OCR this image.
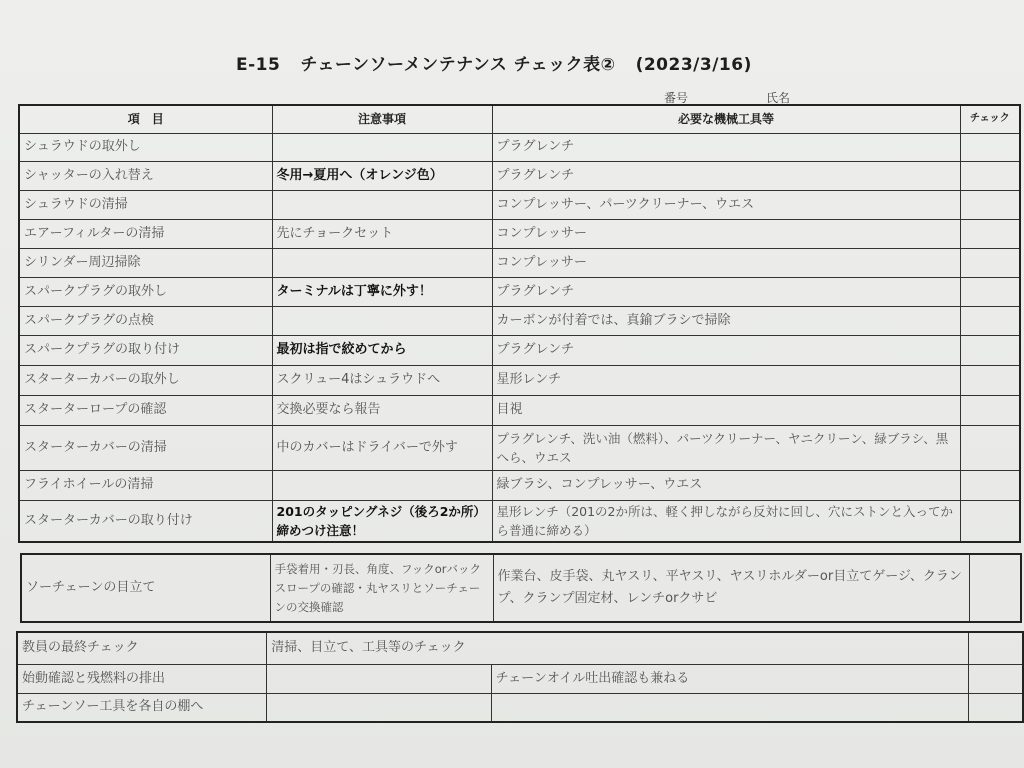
E-15 チェーンソーメンテナンス チェック表② (2023/3/16)
番号	氏名
項　目	注意事項	必要な機械工具等	チェック
シュラウドの取外し		プラグレンチ	
シャッターの入れ替え	冬用→夏用へ（オレンジ色）	プラグレンチ	
シュラウドの清掃		コンプレッサー、パーツクリーナー、ウエス	
エアーフィルターの清掃	先にチョークセット	コンプレッサー	
シリンダー周辺掃除		コンプレッサー	
スパークプラグの取外し	ターミナルは丁寧に外す！	プラグレンチ	
スパークプラグの点検		カーボンが付着では、真鍮ブラシで掃除	
スパークプラグの取り付け	最初は指で絞めてから	プラグレンチ	
スターターカバーの取外し	スクリュー4はシュラウドへ	星形レンチ	
スターターロープの確認	交換必要なら報告	目視	
スターターカバーの清掃	中のカバーはドライバーで外す	プラグレンチ、洗い油（燃料）、パーツクリーナー、ヤニクリーン、緑ブラシ、黒へら、ウエス	
フライホイールの清掃		緑ブラシ、コンプレッサー、ウエス	
スターターカバーの取り付け	201のタッピングネジ（後ろ2か所）締めつけ注意！	星形レンチ（201の2か所は、軽く押しながら反対に回し、穴にストンと入ってから普通に締める）	
ソーチェーンの目立て	手袋着用・刃長、角度、フックorバックスロープの確認・丸ヤスリとソーチェーンの交換確認	作業台、皮手袋、丸ヤスリ、平ヤスリ、ヤスリホルダーor目立てゲージ、クランプ、クランプ固定材、レンチorクサビ	
教員の最終チェック	清掃、目立て、工具等のチェック		
始動確認と残燃料の排出		チェーンオイル吐出確認も兼ねる	
チェーンソー工具を各自の棚へ			
